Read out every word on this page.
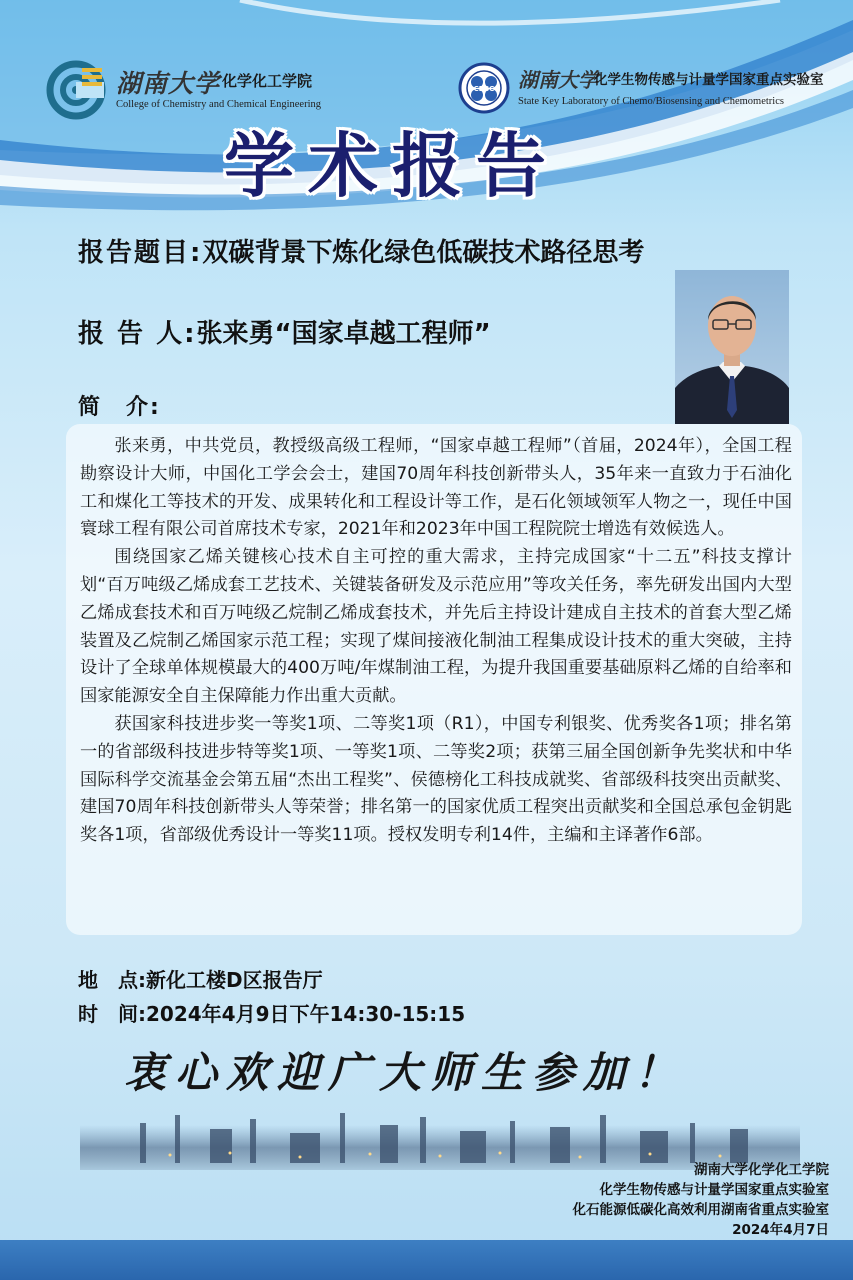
湖南大学 化学化工学院
College of Chemistry and Chemical Engineering
CBSC 湖南大学
化学生物传感与计量学国家重点实验室
State Key Laboratory of Chemo/Biosensing and Chemometrics
学术报告
报告题目:双碳背景下炼化绿色低碳技术路径思考
报 告 人:张来勇“国家卓越工程师”
简　介:

张来勇，中共党员，教授级高级工程师，“国家卓越工程师”（首届，2024年），全国工程勘察设计大师，中国化工学会会士，建国70周年科技创新带头人，35年来一直致力于石油化工和煤化工等技术的开发、成果转化和工程设计等工作，是石化领域领军人物之一，现任中国寰球工程有限公司首席技术专家，2021年和2023年中国工程院院士增选有效候选人。

围绕国家乙烯关键核心技术自主可控的重大需求，主持完成国家“十二五”科技支撑计划“百万吨级乙烯成套工艺技术、关键装备研发及示范应用”等攻关任务，率先研发出国内大型乙烯成套技术和百万吨级乙烷制乙烯成套技术，并先后主持设计建成自主技术的首套大型乙烯装置及乙烷制乙烯国家示范工程；实现了煤间接液化制油工程集成设计技术的重大突破，主持设计了全球单体规模最大的400万吨/年煤制油工程，为提升我国重要基础原料乙烯的自给率和国家能源安全自主保障能力作出重大贡献。

获国家科技进步奖一等奖1项、二等奖1项（R1），中国专利银奖、优秀奖各1项；排名第一的省部级科技进步特等奖1项、一等奖1项、二等奖2项；获第三届全国创新争先奖状和中华国际科学交流基金会第五届“杰出工程奖”、侯德榜化工科技成就奖、省部级科技突出贡献奖、建国70周年科技创新带头人等荣誉；排名第一的国家优质工程突出贡献奖和全国总承包金钥匙奖各1项，省部级优秀设计一等奖11项。授权发明专利14件，主编和主译著作6部。

地　点:新化工楼D区报告厅
时　间:2024年4月9日下午14:30-15:15
衷心欢迎广大师生参加！
湖南大学化学化工学院
化学生物传感与计量学国家重点实验室
化石能源低碳化高效利用湖南省重点实验室
2024年4月7日
